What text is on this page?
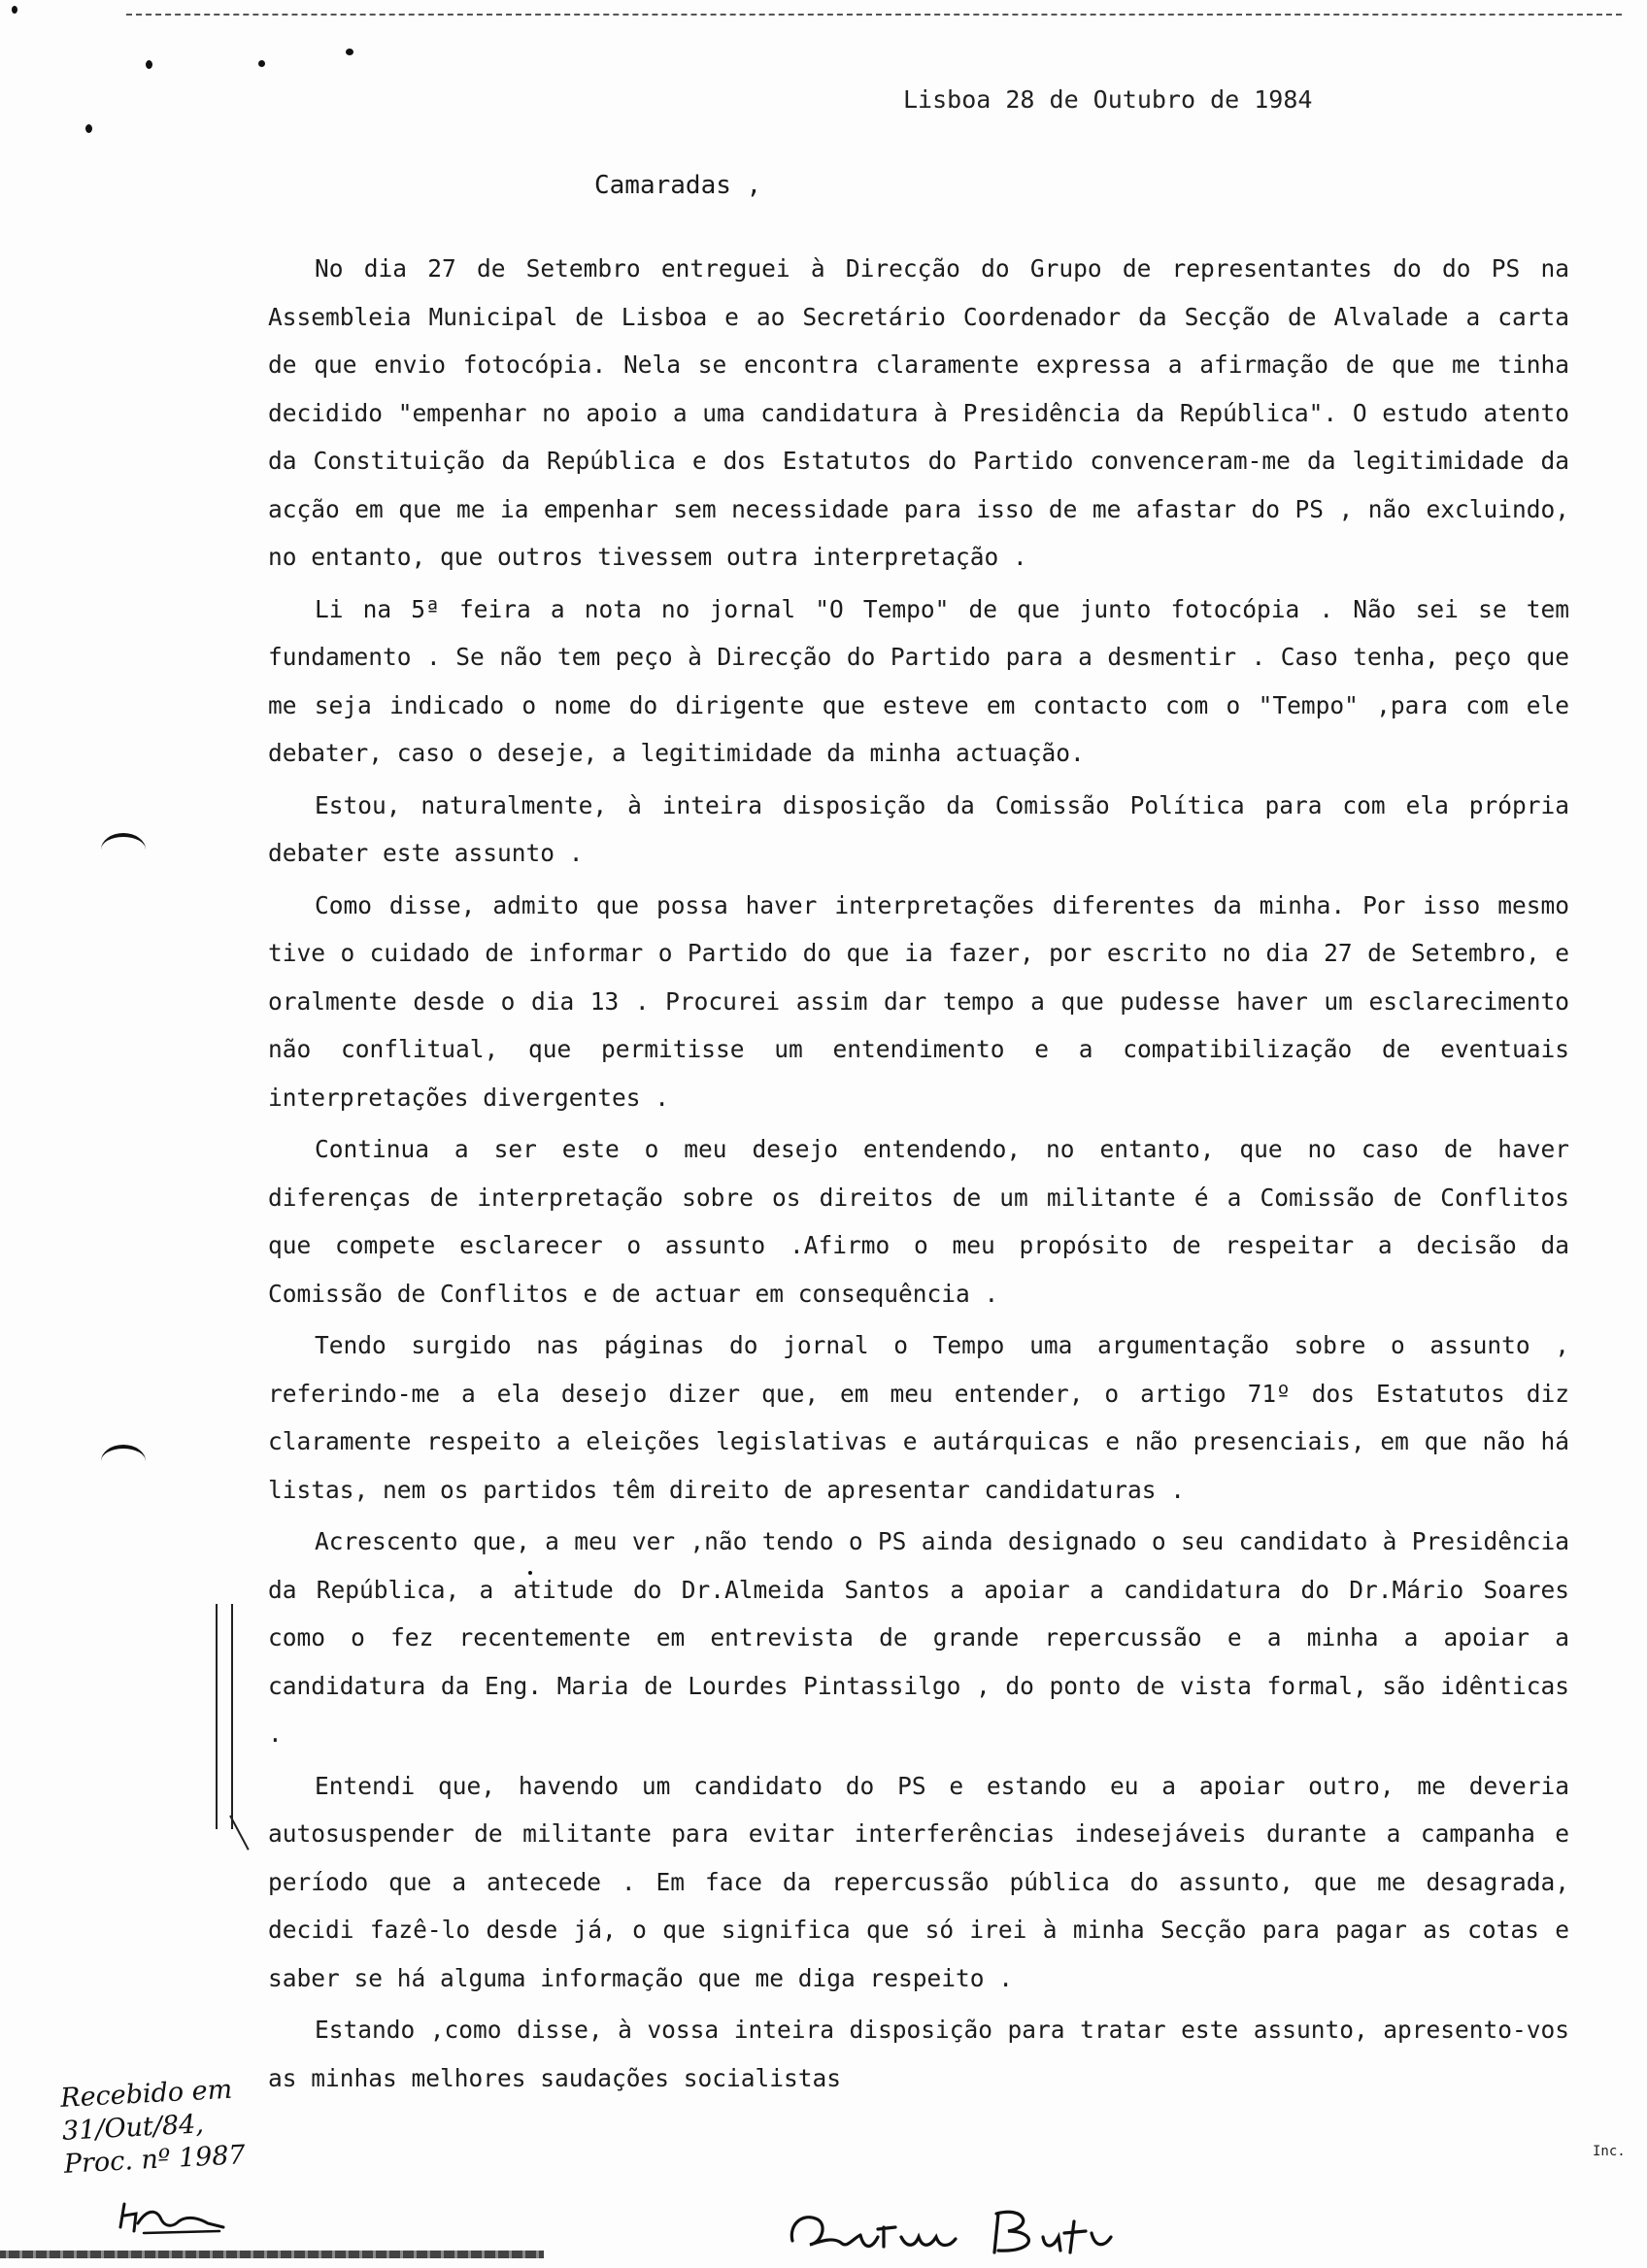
Lisboa 28 de Outubro de 1984
Camaradas ,

No dia 27 de Setembro entreguei à Direcção do Grupo de representantes do do PS na Assembleia Municipal de Lisboa e ao Secretário Coordenador da Secção de Alvalade a carta de que envio fotocópia. Nela se encontra claramente expressa a afirmação de que me tinha decidido "empenhar no apoio a uma candidatura à Presidência da República". O estudo atento da Constituição da República e dos Estatutos do Partido convenceram-me da legitimidade da acção em que me ia empenhar sem necessidade para isso de me afastar do PS , não excluindo, no entanto, que outros tivessem outra interpretação .

Li na 5ª feira a nota no jornal "O Tempo" de que junto fotocópia . Não sei se tem fundamento . Se não tem peço à Direcção do Partido para a desmentir . Caso tenha, peço que me seja indicado o nome do dirigente que esteve em contacto com o "Tempo" ,para com ele debater, caso o deseje, a legitimidade da minha actuação.

Estou, naturalmente, à inteira disposição da Comissão Política para com ela própria debater este assunto .

Como disse, admito que possa haver interpretações diferentes da minha. Por isso mesmo tive o cuidado de informar o Partido do que ia fazer, por escrito no dia 27 de Setembro, e oralmente desde o dia 13 . Procurei assim dar tempo a que pudesse haver um esclarecimento não conflitual, que permitisse um entendimento e a compatibilização de eventuais interpretações divergentes .

Continua a ser este o meu desejo entendendo, no entanto, que no caso de haver diferenças de interpretação sobre os direitos de um militante é a Comissão de Conflitos que compete esclarecer o assunto .Afirmo o meu propósito de respeitar a decisão da Comissão de Conflitos e de actuar em consequência .

Tendo surgido nas páginas do jornal o Tempo uma argumentação sobre o assunto , referindo-me a ela desejo dizer que, em meu entender, o artigo 71º dos Estatutos diz claramente respeito a eleições legislativas e autárquicas e não presenciais, em que não há listas, nem os partidos têm direito de apresentar candidaturas .

Acrescento que, a meu ver ,não tendo o PS ainda designado o seu candidato à Presidência da República, a atitude do Dr.Almeida Santos a apoiar a candidatura do Dr.Mário Soares como o fez recentemente em entrevista de grande repercussão e a minha a apoiar a candidatura da Eng. Maria de Lourdes Pintassilgo , do ponto de vista formal, são idênticas .

Entendi que, havendo um candidato do PS e estando eu a apoiar outro, me deveria autosuspender de militante para evitar interferências indesejáveis durante a campanha e período que a antecede . Em face da repercussão pública do assunto, que me desagrada, decidi fazê-lo desde já, o que significa que só irei à minha Secção para pagar as cotas e saber se há alguma informação que me diga respeito .

Estando ,como disse, à vossa inteira disposição para tratar este assunto, apresento-vos as minhas melhores saudações socialistas

Recebido em
31/Out/84,
Proc. nº 1987	Inc.
